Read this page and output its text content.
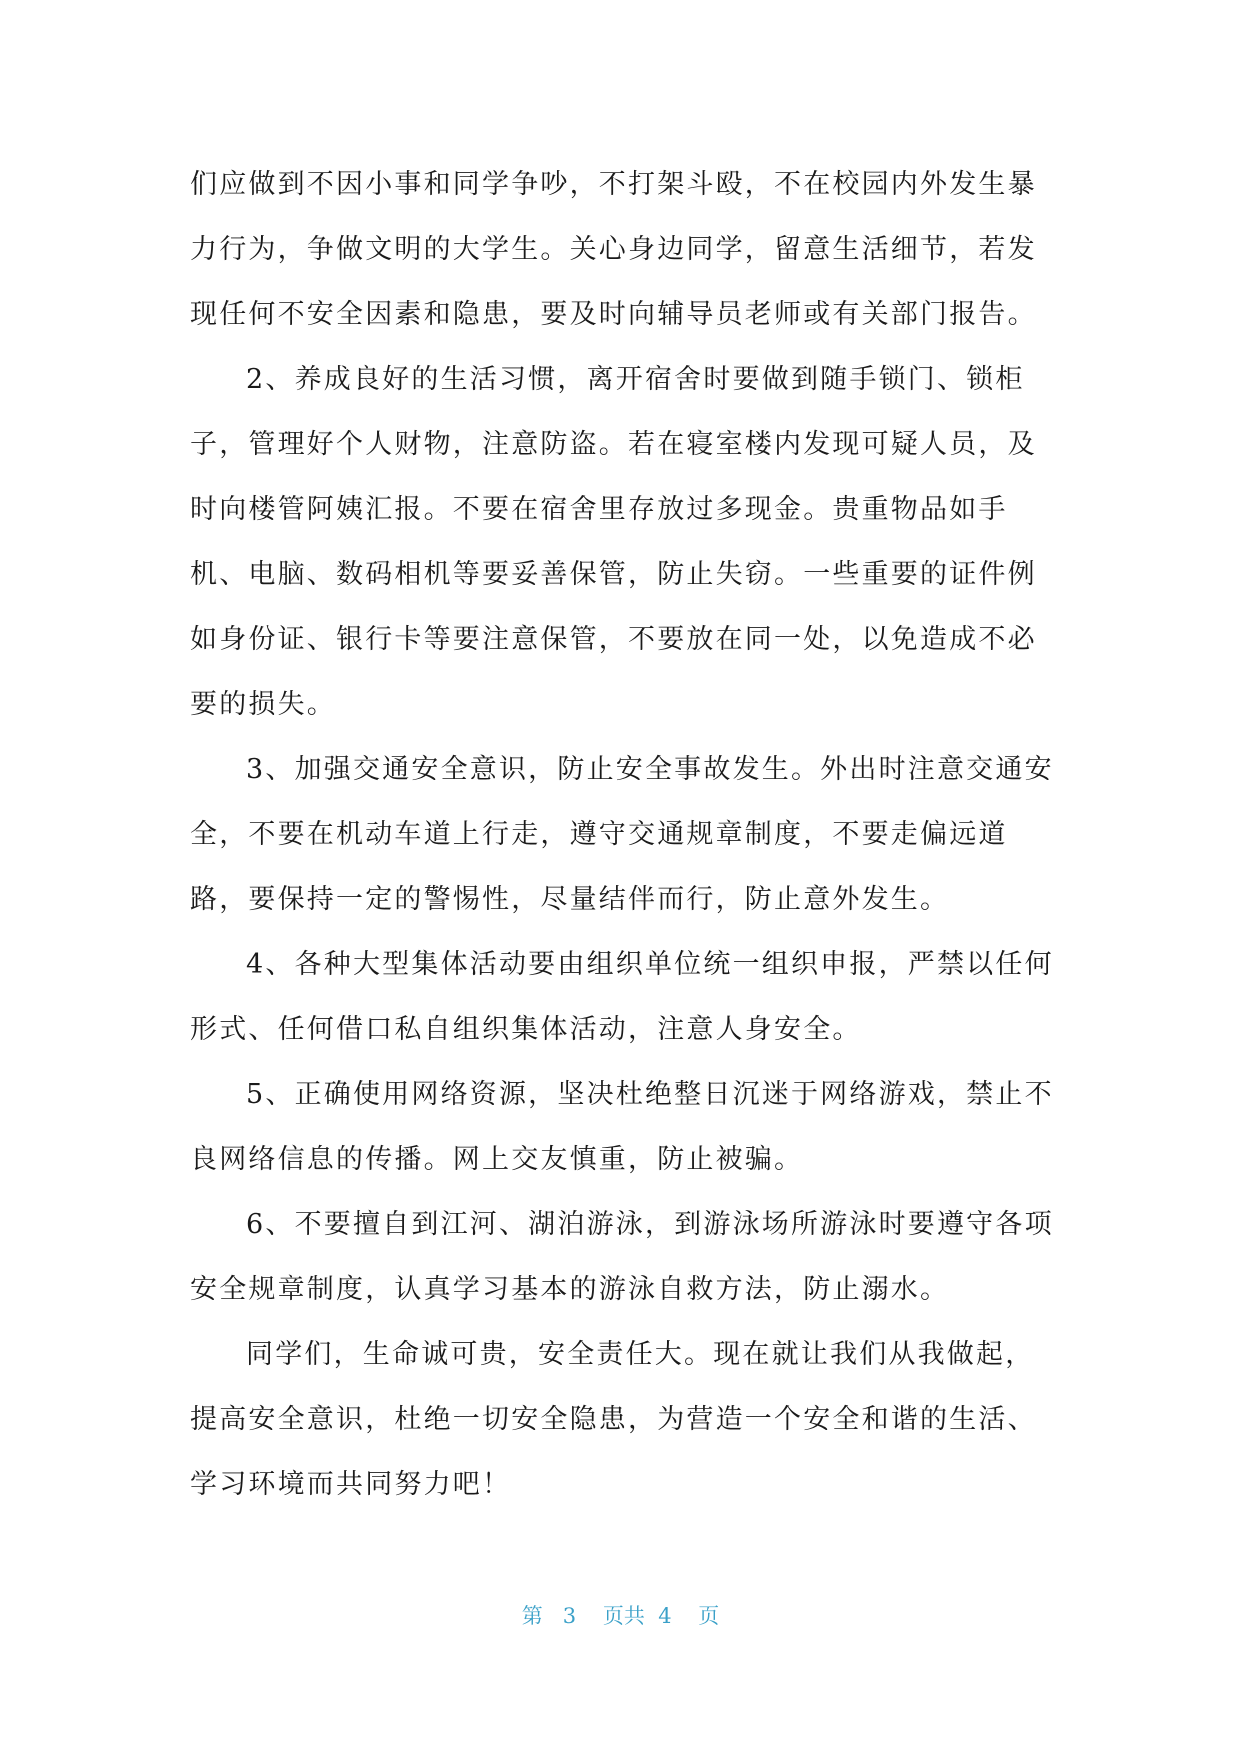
们应做到不因小事和同学争吵，不打架斗殴，不在校园内外发生暴

力行为，争做文明的大学生。关心身边同学，留意生活细节，若发

现任何不安全因素和隐患，要及时向辅导员老师或有关部门报告。

2、养成良好的生活习惯，离开宿舍时要做到随手锁门、锁柜

子，管理好个人财物，注意防盗。若在寝室楼内发现可疑人员，及

时向楼管阿姨汇报。不要在宿舍里存放过多现金。贵重物品如手

机、电脑、数码相机等要妥善保管，防止失窃。一些重要的证件例

如身份证、银行卡等要注意保管，不要放在同一处，以免造成不必

要的损失。

3、加强交通安全意识，防止安全事故发生。外出时注意交通安

全，不要在机动车道上行走，遵守交通规章制度，不要走偏远道

路，要保持一定的警惕性，尽量结伴而行，防止意外发生。

4、各种大型集体活动要由组织单位统一组织申报，严禁以任何

形式、任何借口私自组织集体活动，注意人身安全。

5、正确使用网络资源，坚决杜绝整日沉迷于网络游戏，禁止不

良网络信息的传播。网上交友慎重，防止被骗。

6、不要擅自到江河、湖泊游泳，到游泳场所游泳时要遵守各项

安全规章制度，认真学习基本的游泳自救方法，防止溺水。

同学们，生命诚可贵，安全责任大。现在就让我们从我做起，

提高安全意识，杜绝一切安全隐患，为营造一个安全和谐的生活、

学习环境而共同努力吧！

第 3 页共 4 页
